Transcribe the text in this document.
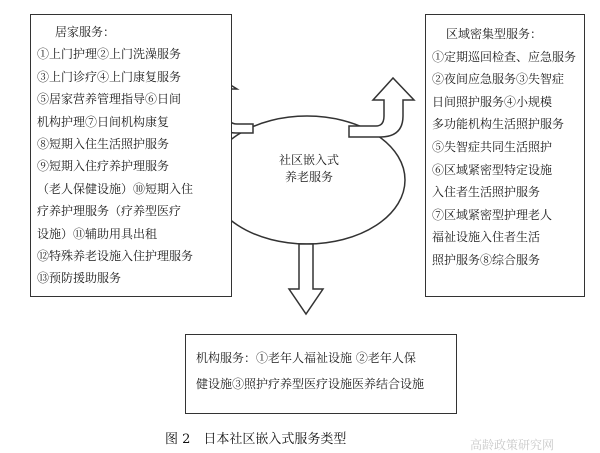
居家服务：
①上门护理②上门洗澡服务
③上门诊疗④上门康复服务
⑤居家营养管理指导⑥日间
机构护理⑦日间机构康复
⑧短期入住生活照护服务
⑨短期入住疗养护理服务
（老人保健设施）⑩短期入住
疗养护理服务（疗养型医疗
设施）⑪辅助用具出租
⑫特殊养老设施入住护理服务
⑬预防援助服务
区域密集型服务：
①定期巡回检查、应急服务
②夜间应急服务③失智症
日间照护服务④小规模
多功能机构生活照护服务
⑤失智症共同生活照护
⑥区域紧密型特定设施
入住者生活照护服务
⑦区域紧密型护理老人
福祉设施入住者生活
照护服务⑧综合服务
社区嵌入式
养老服务
机构服务：①老年人福祉设施 ②老年人保
健设施③照护疗养型医疗设施医养结合设施
图 2　日本社区嵌入式服务类型	高龄政策研究网
